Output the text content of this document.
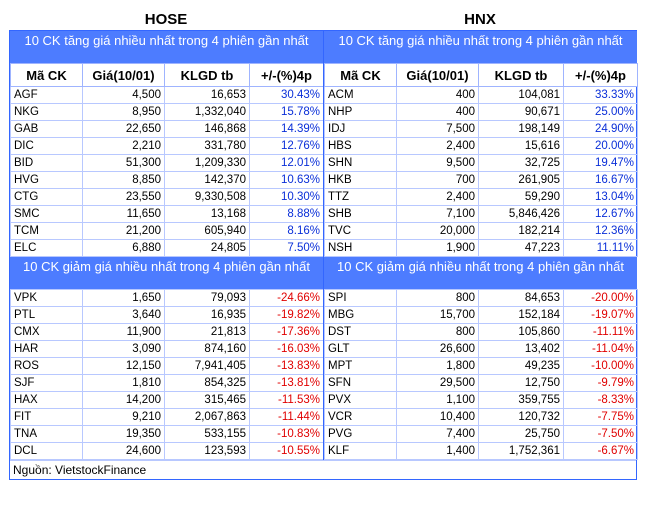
HOSE	HNX
10 CK tăng giá nhiều nhất trong 4 phiên gần nhất
Mã CK	Giá(10/01)	KLGD tb	+/-(%)4p
AGF	4,500	16,653	30.43%
NKG	8,950	1,332,040	15.78%
GAB	22,650	146,868	14.39%
DIC	2,210	331,780	12.76%
BID	51,300	1,209,330	12.01%
HVG	8,850	142,370	10.63%
CTG	23,550	9,330,508	10.30%
SMC	11,650	13,168	8.88%
TCM	21,200	605,940	8.16%
ELC	6,880	24,805	7.50%
10 CK tăng giá nhiều nhất trong 4 phiên gần nhất
Mã CK	Giá(10/01)	KLGD tb	+/-(%)4p
ACM	400	104,081	33.33%
NHP	400	90,671	25.00%
IDJ	7,500	198,149	24.90%
HBS	2,400	15,616	20.00%
SHN	9,500	32,725	19.47%
HKB	700	261,905	16.67%
TTZ	2,400	59,290	13.04%
SHB	7,100	5,846,426	12.67%
TVC	20,000	182,214	12.36%
NSH	1,900	47,223	11.11%
10 CK giảm giá nhiều nhất trong 4 phiên gần nhất
VPK	1,650	79,093	-24.66%
PTL	3,640	16,935	-19.82%
CMX	11,900	21,813	-17.36%
HAR	3,090	874,160	-16.03%
ROS	12,150	7,941,405	-13.83%
SJF	1,810	854,325	-13.81%
HAX	14,200	315,465	-11.53%
FIT	9,210	2,067,863	-11.44%
TNA	19,350	533,155	-10.83%
DCL	24,600	123,593	-10.55%
10 CK giảm giá nhiều nhất trong 4 phiên gần nhất
SPI	800	84,653	-20.00%
MBG	15,700	152,184	-19.07%
DST	800	105,860	-11.11%
GLT	26,600	13,402	-11.04%
MPT	1,800	49,235	-10.00%
SFN	29,500	12,750	-9.79%
PVX	1,100	359,755	-8.33%
VCR	10,400	120,732	-7.75%
PVG	7,400	25,750	-7.50%
KLF	1,400	1,752,361	-6.67%
Nguồn: VietstockFinance
